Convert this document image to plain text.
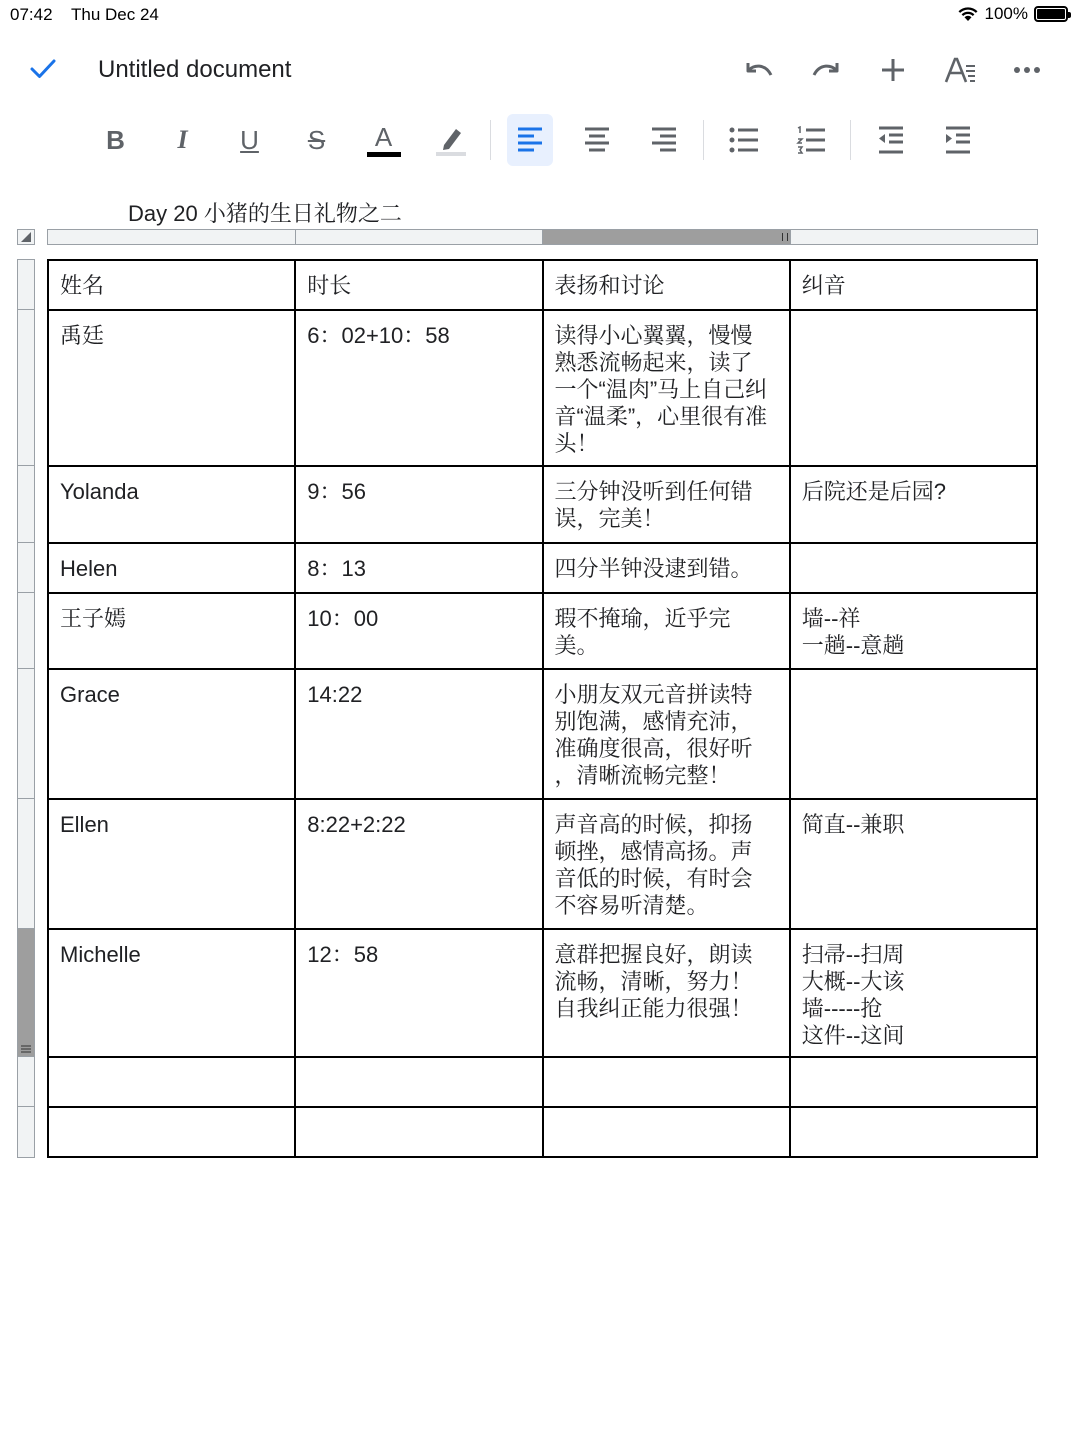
07:42 Thu Dec 24	100%
Untitled document
B I U S A
Day 20 小猪的生日礼物之二
姓名	时长	表扬和讨论	纠音

禹廷	6：02+10：58	读得小心翼翼，慢慢
熟悉流畅起来，读了
一个“温肉”马上自己纠
音“温柔”，心里很有准
头！	

Yolanda	9：56	三分钟没听到任何错
误，完美！	后院还是后园?

Helen	8：13	四分半钟没逮到错。	

王子嫣	10：00	瑕不掩瑜，近乎完
美。	墙--祥
一趟--意趟

Grace	14:22	小朋友双元音拼读特
别饱满，感情充沛，
准确度很高，很好听
，清晰流畅完整！	

Ellen	8:22+2:22	声音高的时候，抑扬
顿挫，感情高扬。声
音低的时候，有时会
不容易听清楚。	简直--兼职

Michelle	12：58	意群把握良好，朗读
流畅，清晰，努力！
自我纠正能力很强！	扫帚--扫周
大概--大该
墙-----抢
这件--这间
